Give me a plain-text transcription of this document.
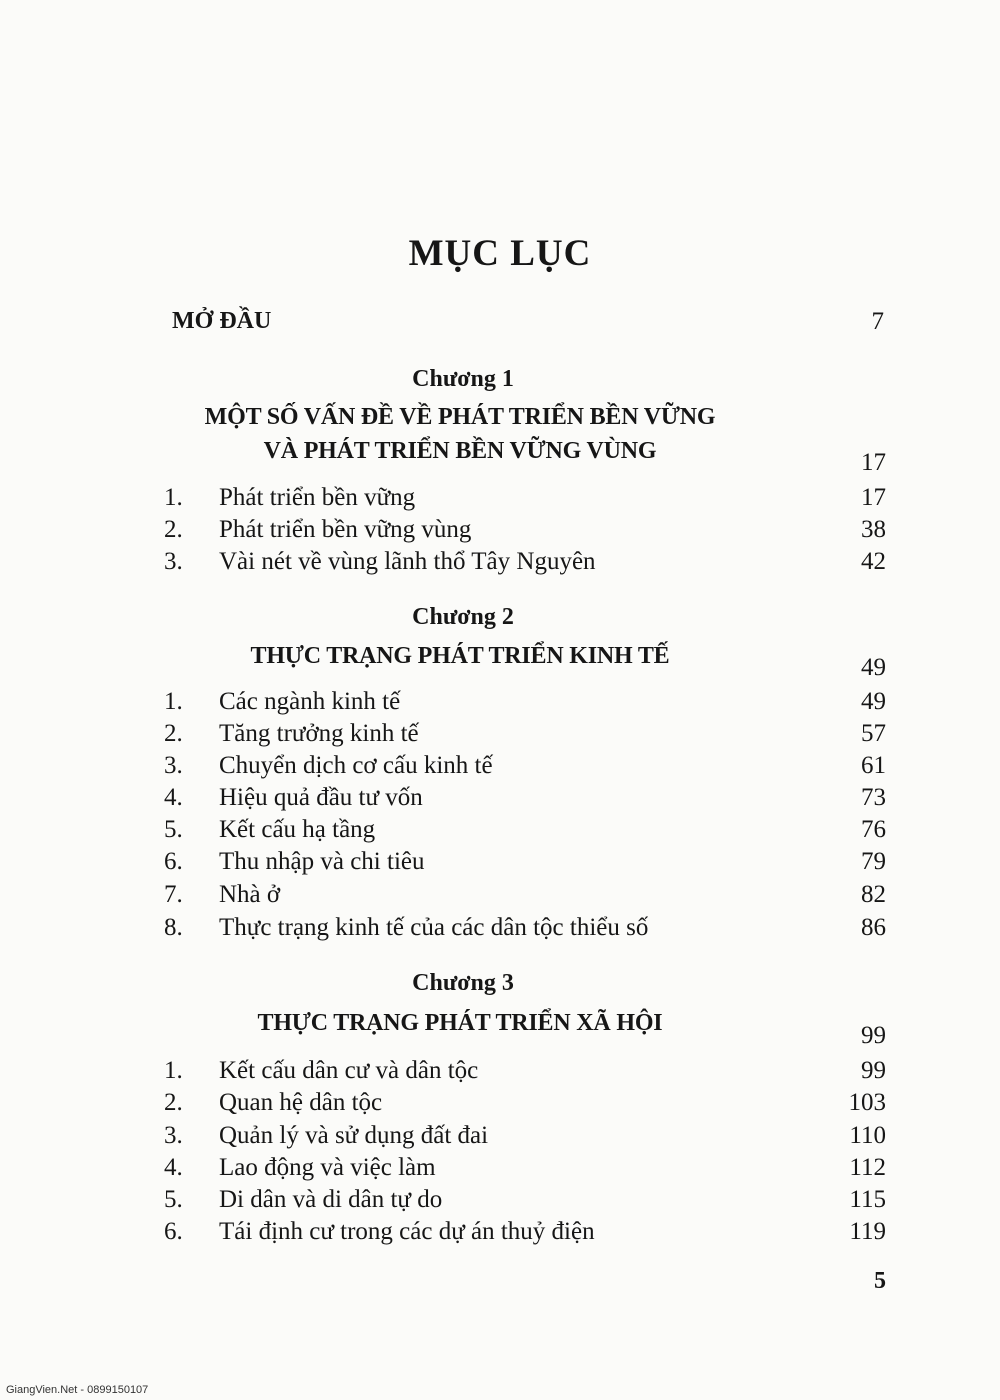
MỤC LỤC
MỞ ĐẦU	7
Chương 1
MỘT SỐ VẤN ĐỀ VỀ PHÁT TRIỂN BỀN VỮNG
VÀ PHÁT TRIỂN BỀN VỮNG VÙNG	17
1. Phát triển bền vững	17
2. Phát triển bền vững vùng	38
3. Vài nét về vùng lãnh thổ Tây Nguyên	42
Chương 2
THỰC TRẠNG PHÁT TRIỂN KINH TẾ	49
1. Các ngành kinh tế	49
2. Tăng trưởng kinh tế	57
3. Chuyển dịch cơ cấu kinh tế	61
4. Hiệu quả đầu tư vốn	73
5. Kết cấu hạ tầng	76
6. Thu nhập và chi tiêu	79
7. Nhà ở	82
8. Thực trạng kinh tế của các dân tộc thiểu số	86
Chương 3
THỰC TRẠNG PHÁT TRIỂN XÃ HỘI	99
1. Kết cấu dân cư và dân tộc	99
2. Quan hệ dân tộc	103
3. Quản lý và sử dụng đất đai	110
4. Lao động và việc làm	112
5. Di dân và di dân tự do	115
6. Tái định cư trong các dự án thuỷ điện	119
5
GiangVien.Net - 0899150107
